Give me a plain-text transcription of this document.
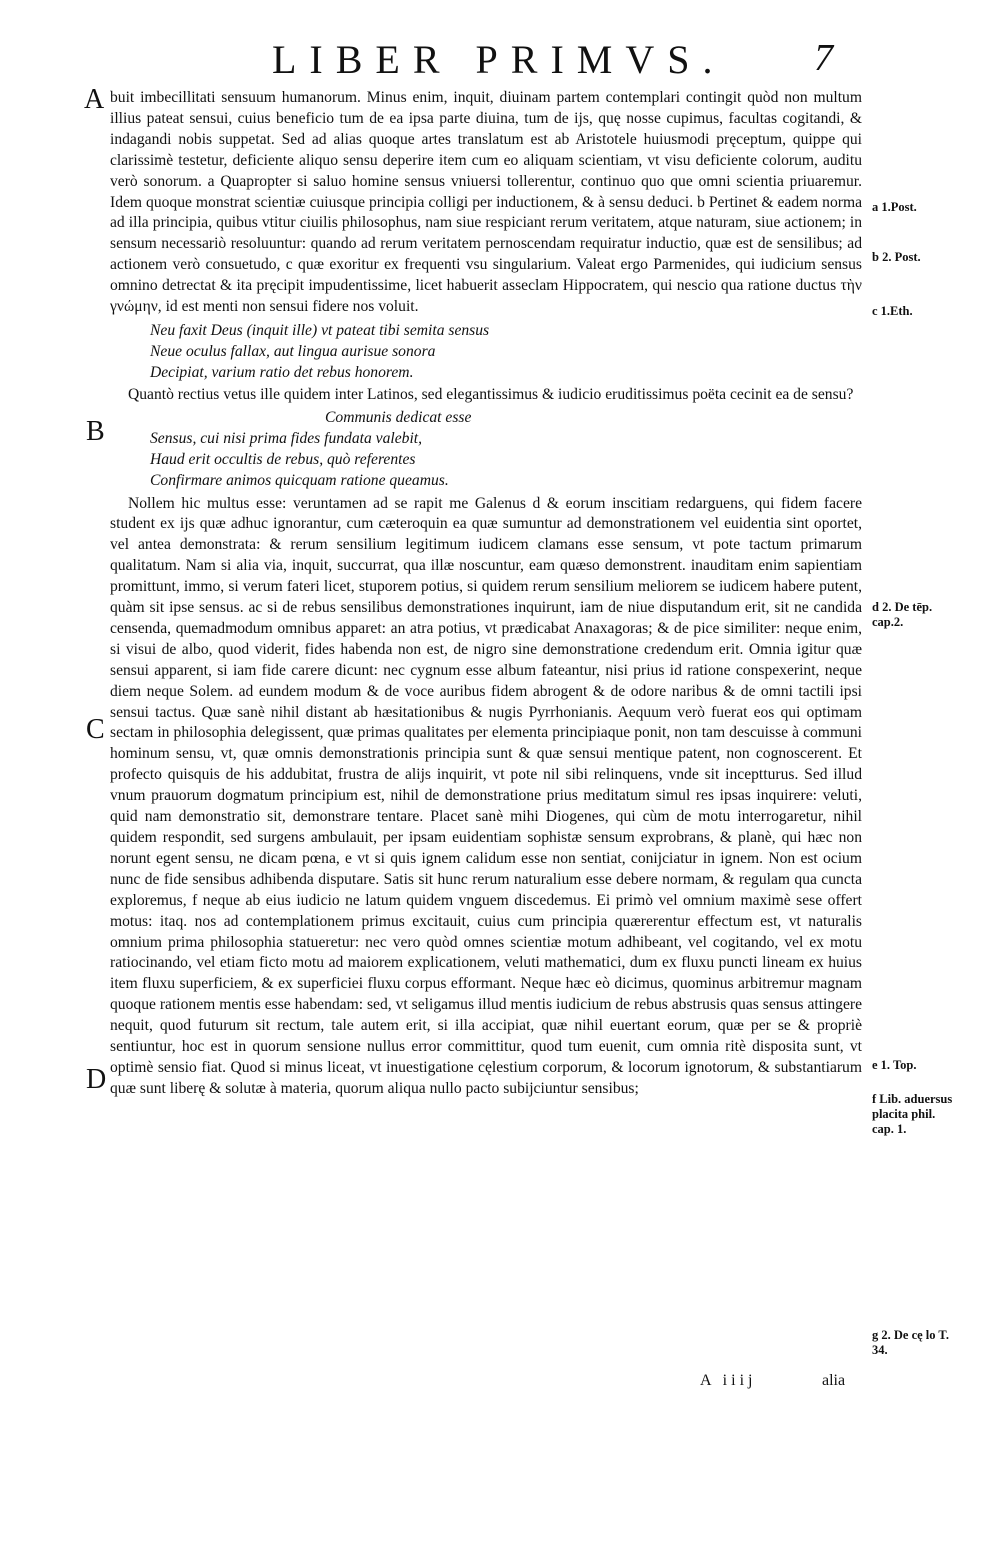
LIBER PRIMVS. 7
A
B
C
D

buit imbecillitati sensuum humanorum. Minus enim, inquit, diuinam partem contemplari contingit quòd non multum illius pateat sensui, cuius beneficio tum de ea ipsa parte diuina, tum de ijs, quę nosse cupimus, facultas cogitandi, & indagandi nobis suppetat. Sed ad alias quoque artes translatum est ab Aristotele huiusmodi pręceptum, quippe qui clarissimè testetur, deficiente aliquo sensu deperire item cum eo aliquam scientiam, vt visu deficiente colorum, auditu verò sonorum. a Quapropter si saluo homine sensus vniuersi tollerentur, continuo quo que omni scientia priuaremur. Idem quoque monstrat scientiæ cuiusque principia colligi per inductionem, & à sensu deduci. b Pertinet & eadem norma ad illa principia, quibus vtitur ciuilis philosophus, nam siue respiciant rerum veritatem, atque naturam, siue actionem; in sensum necessariò resoluuntur: quando ad rerum veritatem pernoscendam requiratur inductio, quæ est de sensilibus; ad actionem verò consuetudo, c quæ exoritur ex frequenti vsu singularium. Valeat ergo Parmenides, qui iudicium sensus omnino detrectat & ita pręcipit impudentissime, licet habuerit asseclam Hippocratem, qui nescio qua ratione ductus τὴν γνώμην, id est menti non sensui fidere nos voluit.

Neu faxit Deus (inquit ille) vt pateat tibi semita sensus
Neue oculus fallax, aut lingua aurisue sonora
Decipiat, varium ratio det rebus honorem.

Quantò rectius vetus ille quidem inter Latinos, sed elegantissimus & iudicio eruditissimus poëta cecinit ea de sensu?

Communis dedicat esse
Sensus, cui nisi prima fides fundata valebit,
Haud erit occultis de rebus, quò referentes
Confirmare animos quicquam ratione queamus.

Nollem hic multus esse: veruntamen ad se rapit me Galenus d & eorum inscitiam redarguens, qui fidem facere student ex ijs quæ adhuc ignorantur, cum cæteroquin ea quæ sumuntur ad demonstrationem vel euidentia sint oportet, vel antea demonstrata: & rerum sensilium legitimum iudicem clamans esse sensum, vt pote tactum primarum qualitatum. Nam si alia via, inquit, succurrat, qua illæ noscuntur, eam quæso demonstrent. inauditam enim sapientiam promittunt, immo, si verum fateri licet, stuporem potius, si quidem rerum sensilium meliorem se iudicem habere putent, quàm sit ipse sensus. ac si de rebus sensilibus demonstrationes inquirunt, iam de niue disputandum erit, sit ne candida censenda, quemadmodum omnibus apparet: an atra potius, vt prædicabat Anaxagoras; & de pice similiter: neque enim, si visui de albo, quod viderit, fides habenda non est, de nigro sine demonstratione credendum erit. Omnia igitur quæ sensui apparent, si iam fide carere dicunt: nec cygnum esse album fateantur, nisi prius id ratione conspexerint, neque diem neque Solem. ad eundem modum & de voce auribus fidem abrogent & de odore naribus & de omni tactili ipsi sensui tactus. Quæ sanè nihil distant ab hæsitationibus & nugis Pyrrhonianis. Aequum verò fuerat eos qui optimam sectam in philosophia delegissent, quæ primas qualitates per elementa principiaque ponit, non tam descuisse à communi hominum sensu, vt, quæ omnis demonstrationis principia sunt & quæ sensui mentique patent, non cognoscerent. Et profecto quisquis de his addubitat, frustra de alijs inquirit, vt pote nil sibi relinquens, vnde sit inceptturus. Sed illud vnum prauorum dogmatum principium est, nihil de demonstratione prius meditatum simul res ipsas inquirere: veluti, quid nam demonstratio sit, demonstrare tentare. Placet sanè mihi Diogenes, qui cùm de motu interrogaretur, nihil quidem respondit, sed surgens ambulauit, per ipsam euidentiam sophistæ sensum exprobrans, & planè, qui hæc non norunt egent sensu, ne dicam pœna, e vt si quis ignem calidum esse non sentiat, conijciatur in ignem. Non est ocium nunc de fide sensibus adhibenda disputare. Satis sit hunc rerum naturalium esse debere normam, & regulam qua cuncta exploremus, f neque ab eius iudicio ne latum quidem vnguem discedemus. Ei primò vel omnium maximè sese offert motus: itaq. nos ad contemplationem primus excitauit, cuius cum principia quærerentur effectum est, vt naturalis omnium prima philosophia statueretur: nec vero quòd omnes scientiæ motum adhibeant, vel cogitando, vel ex motu ratiocinando, vel etiam ficto motu ad maiorem explicationem, veluti mathematici, dum ex fluxu puncti lineam ex huius item fluxu superficiem, & ex superficiei fluxu corpus efformant. Neque hæc eò dicimus, quominus arbitremur magnam quoque rationem mentis esse habendam: sed, vt seligamus illud mentis iudicium de rebus abstrusis quas sensus attingere nequit, quod futurum sit rectum, tale autem erit, si illa accipiat, quæ nihil euertant eorum, quæ per se & propriè sentiuntur, hoc est in quorum sensione nullus error committitur, quod tum euenit, cum omnia ritè disposita sunt, vt optimè sensio fiat. Quod si minus liceat, vt inuestigatione cęlestium corporum, & locorum ignotorum, & substantiarum quæ sunt liberę & solutæ à materia, quorum aliqua nullo pacto subijciuntur sensibus;

a 1.Post.
b 2. Post.
c 1.Eth.
d 2. De tēp. cap.2.
e 1. Top.
f Lib. aduersus placita phil. cap. 1.
g 2. De cę lo T. 34.
A iiij	alia
